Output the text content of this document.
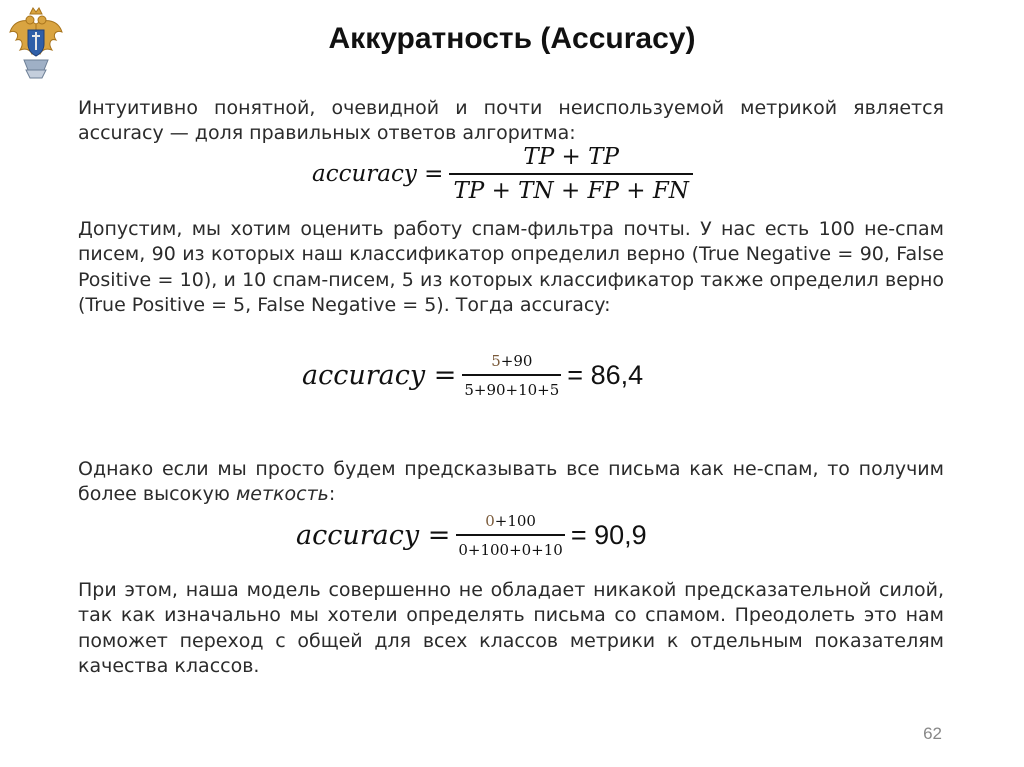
Аккуратность (Accuracy)
Интуитивно понятной, очевидной и почти неиспользуемой метрикой является accuracy — доля правильных ответов алгоритма:
accuracy = $\frac{TP + TP}{TP + TN + FP + FN}$
Допустим, мы хотим оценить работу спам-фильтра почты. У нас есть 100 не-спам писем, 90 из которых наш классификатор определил верно (True Negative = 90, False Positive = 10), и 10 спам-писем, 5 из которых классификатор также определил верно (True Positive = 5, False Negative = 5). Тогда accuracy:
accuracy = $\frac{5+90}{5+90+10+5} = 86,4$
Однако если мы просто будем предсказывать все письма как не-спам, то получим более высокую меткость:
accuracy = $\frac{0+100}{0+100+0+10} = 90,9$
При этом, наша модель совершенно не обладает никакой предсказательной силой, так как изначально мы хотели определять письма со спамом. Преодолеть это нам поможет переход с общей для всех классов метрики к отдельным показателям качества классов.
62
